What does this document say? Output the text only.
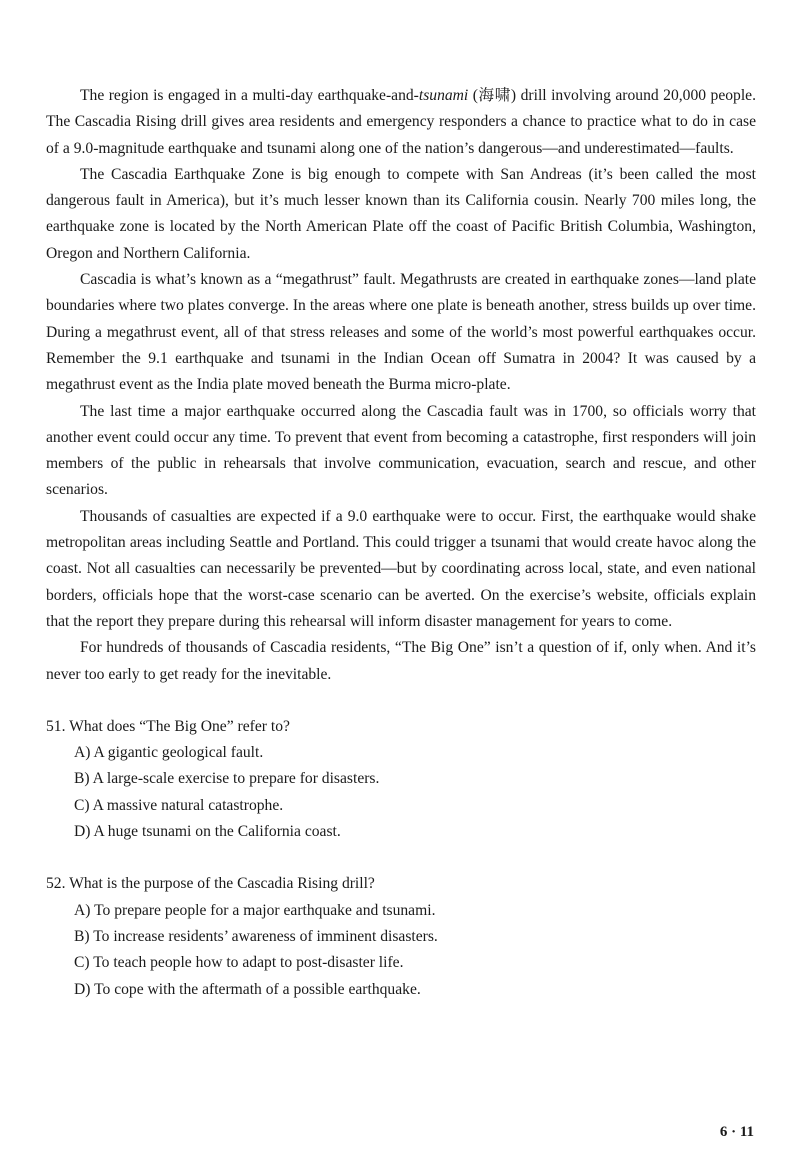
The region is engaged in a multi-day earthquake-and-tsunami (海啸) drill involving around 20,000 people. The Cascadia Rising drill gives area residents and emergency responders a chance to practice what to do in case of a 9.0-magnitude earthquake and tsunami along one of the nation’s dangerous—and underestimated—faults.

The Cascadia Earthquake Zone is big enough to compete with San Andreas (it’s been called the most dangerous fault in America), but it’s much lesser known than its California cousin. Nearly 700 miles long, the earthquake zone is located by the North American Plate off the coast of Pacific British Columbia, Washington, Oregon and Northern California.

Cascadia is what’s known as a “megathrust” fault. Megathrusts are created in earthquake zones—land plate boundaries where two plates converge. In the areas where one plate is beneath another, stress builds up over time. During a megathrust event, all of that stress releases and some of the world’s most powerful earthquakes occur. Remember the 9.1 earthquake and tsunami in the Indian Ocean off Sumatra in 2004? It was caused by a megathrust event as the India plate moved beneath the Burma micro-plate.

The last time a major earthquake occurred along the Cascadia fault was in 1700, so officials worry that another event could occur any time. To prevent that event from becoming a catastrophe, first responders will join members of the public in rehearsals that involve communication, evacuation, search and rescue, and other scenarios.

Thousands of casualties are expected if a 9.0 earthquake were to occur. First, the earthquake would shake metropolitan areas including Seattle and Portland. This could trigger a tsunami that would create havoc along the coast. Not all casualties can necessarily be prevented—but by coordinating across local, state, and even national borders, officials hope that the worst-case scenario can be averted. On the exercise’s website, officials explain that the report they prepare during this rehearsal will inform disaster management for years to come.

For hundreds of thousands of Cascadia residents, “The Big One” isn’t a question of if, only when. And it’s never too early to get ready for the inevitable.

51. What does “The Big One” refer to?

A) A gigantic geological fault.

B) A large-scale exercise to prepare for disasters.

C) A massive natural catastrophe.

D) A huge tsunami on the California coast.

52. What is the purpose of the Cascadia Rising drill?

A) To prepare people for a major earthquake and tsunami.

B) To increase residents’ awareness of imminent disasters.

C) To teach people how to adapt to post-disaster life.

D) To cope with the aftermath of a possible earthquake.

6 · 11
